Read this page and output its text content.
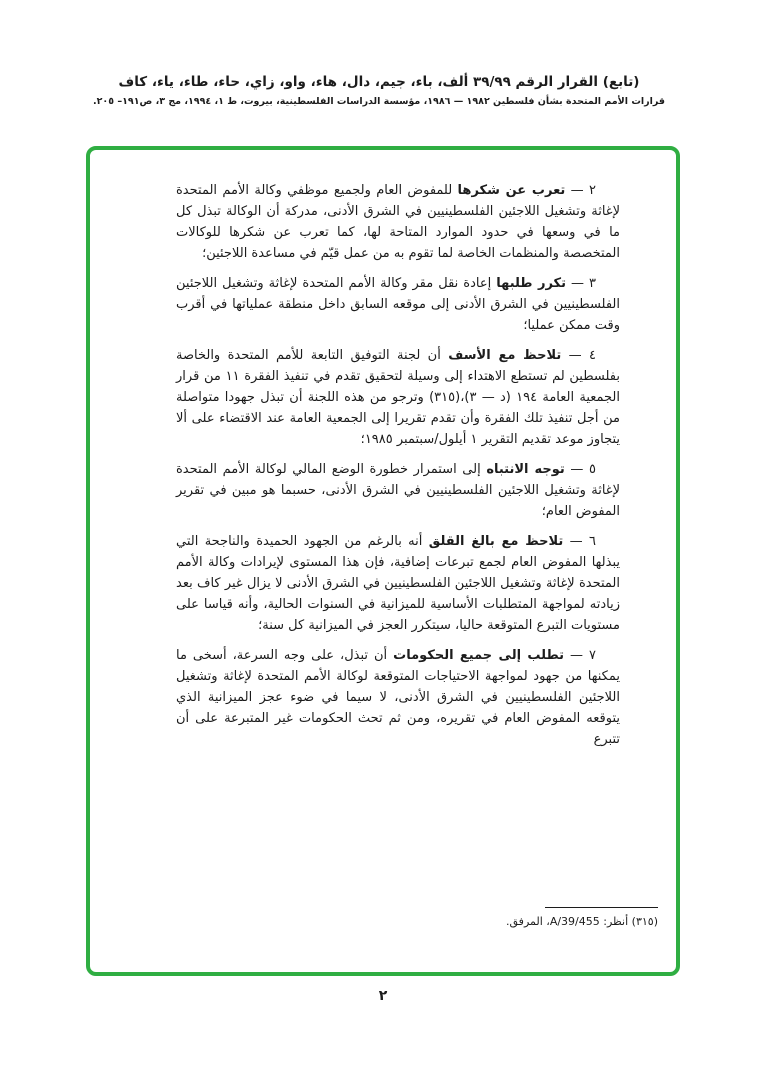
(تابع) القرار الرقم ٣٩/٩٩ ألف، باء، جيم، دال، هاء، واو، زاي، حاء، طاء، ياء، كاف
قرارات الأمم المتحدة بشأن فلسطين ١٩٨٢ — ١٩٨٦، مؤسسة الدراسات الفلسطينية، بيروت، ط ١، ١٩٩٤، مج ٣، ص١٩١– ٢٠٥.

٢ — تعرب عن شكرها للمفوض العام ولجميع موظفي وكالة الأمم المتحدة لإغاثة وتشغيل اللاجئين الفلسطينيين في الشرق الأدنى، مدركة أن الوكالة تبذل كل ما في وسعها في حدود الموارد المتاحة لها، كما تعرب عن شكرها للوكالات المتخصصة والمنظمات الخاصة لما تقوم به من عمل قيّم في مساعدة اللاجئين؛

٣ — تكرر طلبها إعادة نقل مقر وكالة الأمم المتحدة لإغاثة وتشغيل اللاجئين الفلسطينيين في الشرق الأدنى إلى موقعه السابق داخل منطقة عملياتها في أقرب وقت ممكن عمليا؛

٤ — تلاحظ مع الأسف أن لجنة التوفيق التابعة للأمم المتحدة والخاصة بفلسطين لم تستطع الاهتداء إلى وسيلة لتحقيق تقدم في تنفيذ الفقرة ١١ من قرار الجمعية العامة ١٩٤ (د — ٣)،(٣١٥) وترجو من هذه اللجنة أن تبذل جهودا متواصلة من أجل تنفيذ تلك الفقرة وأن تقدم تقريرا إلى الجمعية العامة عند الاقتضاء على ألا يتجاوز موعد تقديم التقرير ١ أيلول/سبتمبر ١٩٨٥؛

٥ — توجه الانتباه إلى استمرار خطورة الوضع المالي لوكالة الأمم المتحدة لإغاثة وتشغيل اللاجئين الفلسطينيين في الشرق الأدنى، حسبما هو مبين في تقرير المفوض العام؛

٦ — تلاحظ مع بالغ القلق أنه بالرغم من الجهود الحميدة والناجحة التي يبذلها المفوض العام لجمع تبرعات إضافية، فإن هذا المستوى لإيرادات وكالة الأمم المتحدة لإغاثة وتشغيل اللاجئين الفلسطينيين في الشرق الأدنى لا يزال غير كاف بعد زيادته لمواجهة المتطلبات الأساسية للميزانية في السنوات الحالية، وأنه قياسا على مستويات التبرع المتوقعة حاليا، سيتكرر العجز في الميزانية كل سنة؛

٧ — تطلب إلى جميع الحكومات أن تبذل، على وجه السرعة، أسخى ما يمكنها من جهود لمواجهة الاحتياجات المتوقعة لوكالة الأمم المتحدة لإغاثة وتشغيل اللاجئين الفلسطينيين في الشرق الأدنى، لا سيما في ضوء عجز الميزانية الذي يتوقعه المفوض العام في تقريره، ومن ثم تحث الحكومات غير المتبرعة على أن تتبرع

(٣١٥) أنظر: A/39/455، المرفق.
٢
